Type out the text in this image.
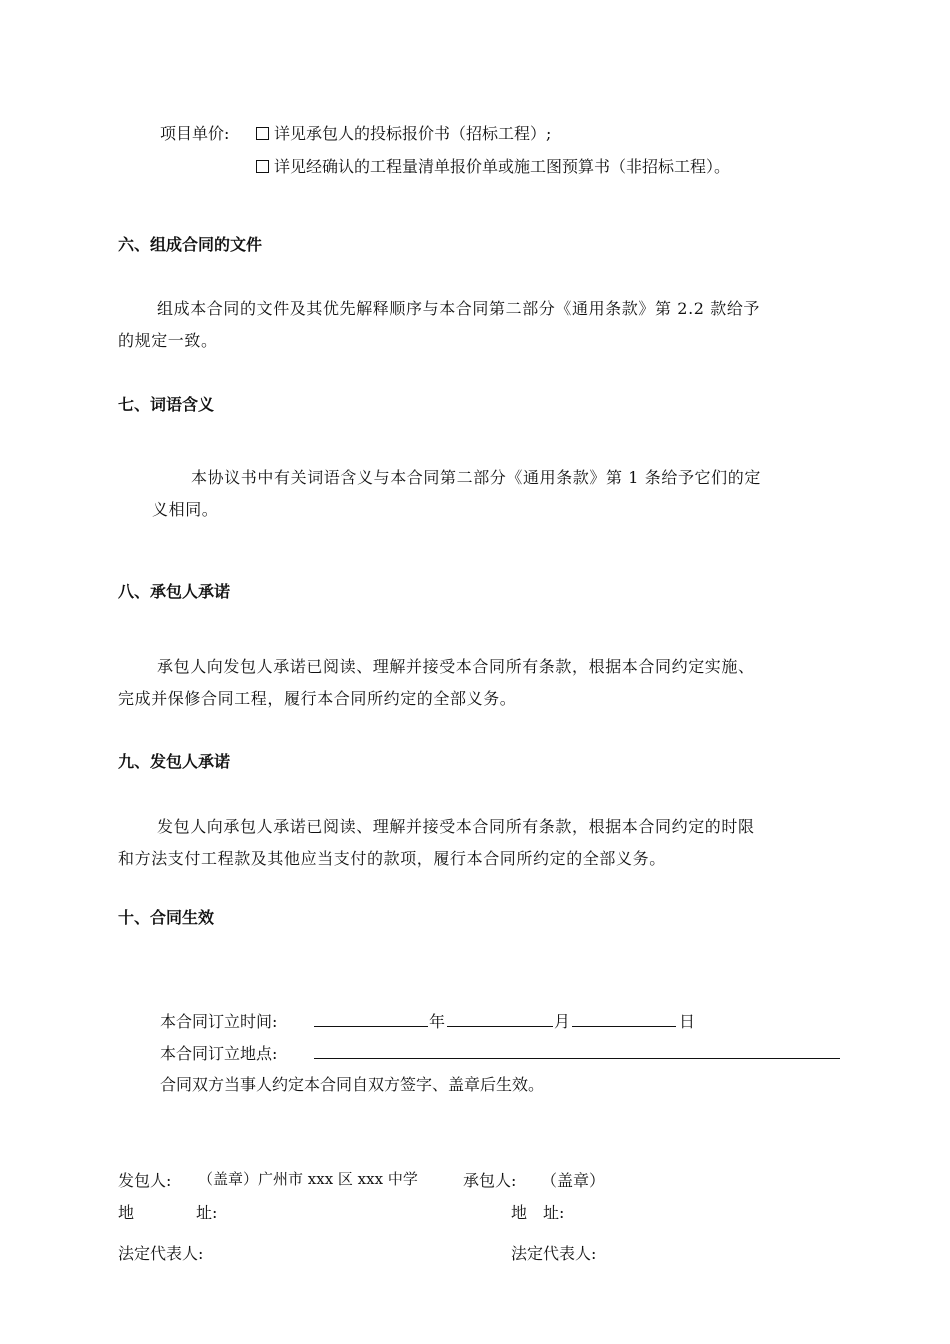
项目单价:	详见承包人的投标报价书（招标工程）;
详见经确认的工程量清单报价单或施工图预算书（非招标工程）。
六、组成合同的文件
组成本合同的文件及其优先解释顺序与本合同第二部分《通用条款》第 2.2 款给予
的规定一致。
七、词语含义
本协议书中有关词语含义与本合同第二部分《通用条款》第 1 条给予它们的定
义相同。
八、承包人承诺
承包人向发包人承诺已阅读、理解并接受本合同所有条款，根据本合同约定实施、
完成并保修合同工程，履行本合同所约定的全部义务。
九、发包人承诺
发包人向承包人承诺已阅读、理解并接受本合同所有条款，根据本合同约定的时限
和方法支付工程款及其他应当支付的款项，履行本合同所约定的全部义务。
十、合同生效
本合同订立时间:	年	月	日
本合同订立地点:
合同双方当事人约定本合同自双方签字、盖章后生效。
发包人: （盖章）广州市 xxx 区 xxx 中学	承包人: （盖章）
地	址:	地　址:
法定代表人:	法定代表人:
